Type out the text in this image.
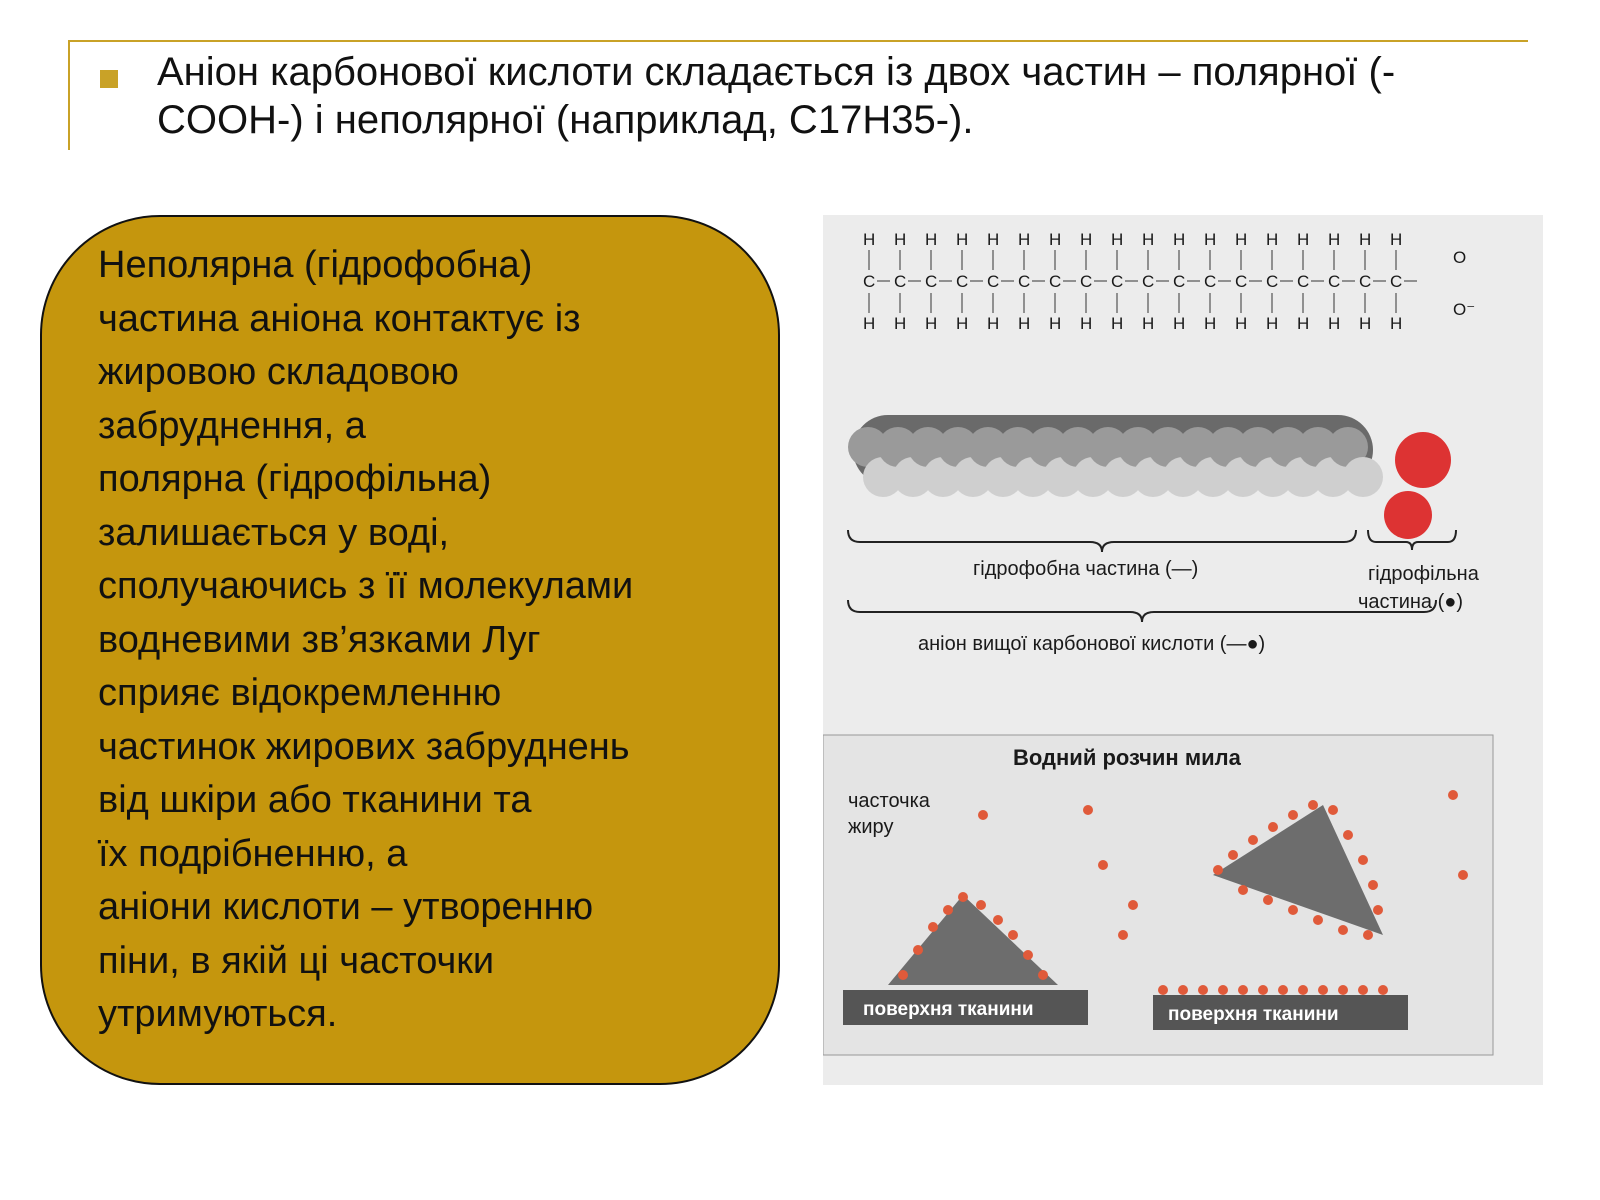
Аніон карбонової кислоти складається із двох частин – полярної (-COOH-) і неполярної (наприклад, C17H35-).

Неполярна (гідрофобна)
частина аніона контактує із
жировою складовою
забруднення, а
полярна (гідрофільна)
залишається у воді,
сполучаючись з її молекулами
водневими зв’язками Луг
сприяє відокремленню
частинок жирових забруднень
від шкіри або тканини та
їх подрібненню, а
аніони кислоти – утворенню
піни, в якій ці часточки
утримуються.

H
C
H
H
C
H
H
C
H
H
C
H
H
C
H
H
C
H
H
C
H
H
C
H
H
C
H
H
C
H
H
C
H
H
C
H
H
C
H
H
C
H
H
C
H
H
C
H
H
C
H
H
C
H
O
O⁻
гідрофобна частина (—)	гідрофільна
частина (●)
аніон вищої карбонової кислоти (—●)
Водний розчин мила
часточка
жиру
поверхня тканини	поверхня тканини
